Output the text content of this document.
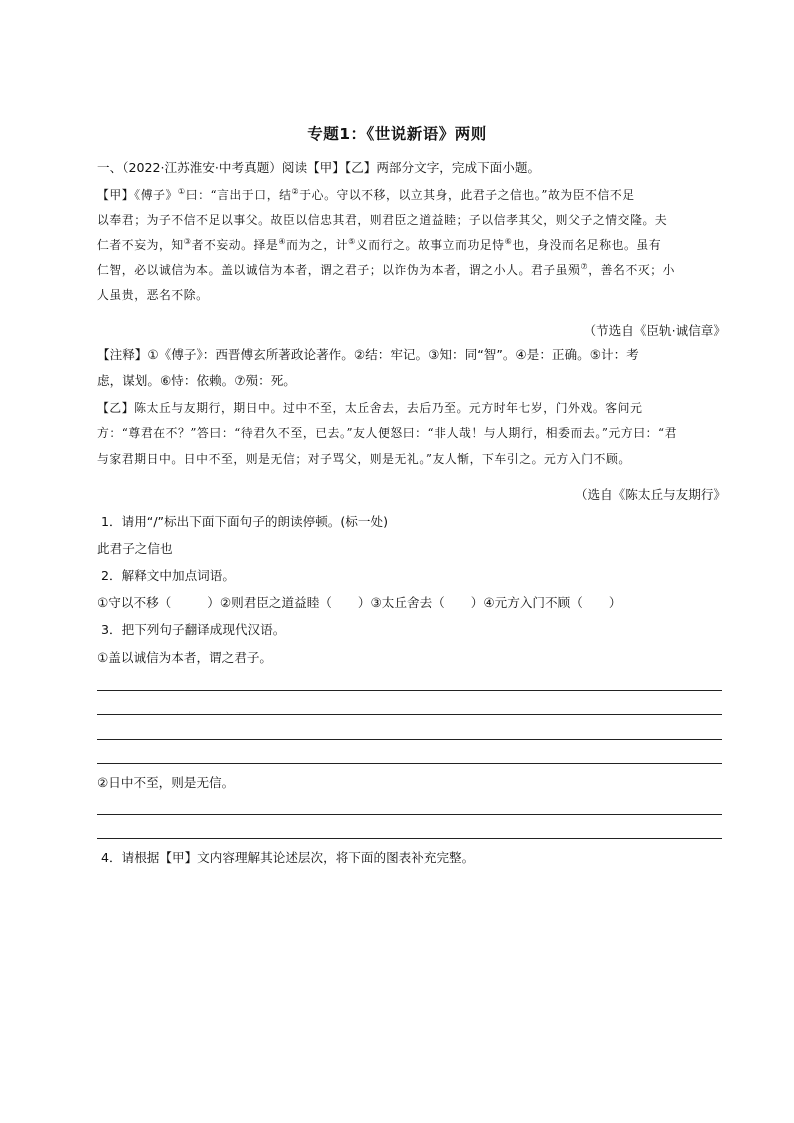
专题1：《世说新语》两则
一、（2022·江苏淮安·中考真题）阅读【甲】【乙】两部分文字，完成下面小题。
【甲】《傅子》①曰：“言出于口，结②于心。守以不移，以立其身，此君子之信也。”故为臣不信不足
以奉君；为子不信不足以事父。故臣以信忠其君，则君臣之道益睦；子以信孝其父，则父子之情交隆。夫
仁者不妄为，知③者不妄动。择是④而为之，计⑤义而行之。故事立而功足恃⑥也，身没而名足称也。虽有
仁智，必以诚信为本。盖以诚信为本者，谓之君子；以诈伪为本者，谓之小人。君子虽殒⑦，善名不灭；小
人虽贵，恶名不除。
（节选自《臣轨·诚信章》
【注释】①《傅子》：西晋傅玄所著政论著作。②结：牢记。③知：同“智”。④是：正确。⑤计：考
虑，谋划。⑥恃：依赖。⑦殒：死。
【乙】陈太丘与友期行，期日中。过中不至，太丘舍去，去后乃至。元方时年七岁，门外戏。客问元
方：“尊君在不？”答曰：“待君久不至，已去。”友人便怒曰：“非人哉！与人期行，相委而去。”元方曰：“君
与家君期日中。日中不至，则是无信；对子骂父，则是无礼。”友人惭，下车引之。元方入门不顾。
（选自《陈太丘与友期行》
1．请用“/”标出下面下面句子的朗读停顿。(标一处)
此君子之信也
2．解释文中加点词语。
①守以不移（	）②则君臣之道益睦（ ）③太丘舍去（ ）④元方入门不顾（ ）
3．把下列句子翻译成现代汉语。
①盖以诚信为本者，谓之君子。
②日中不至，则是无信。
4．请根据【甲】文内容理解其论述层次，将下面的图表补充完整。
